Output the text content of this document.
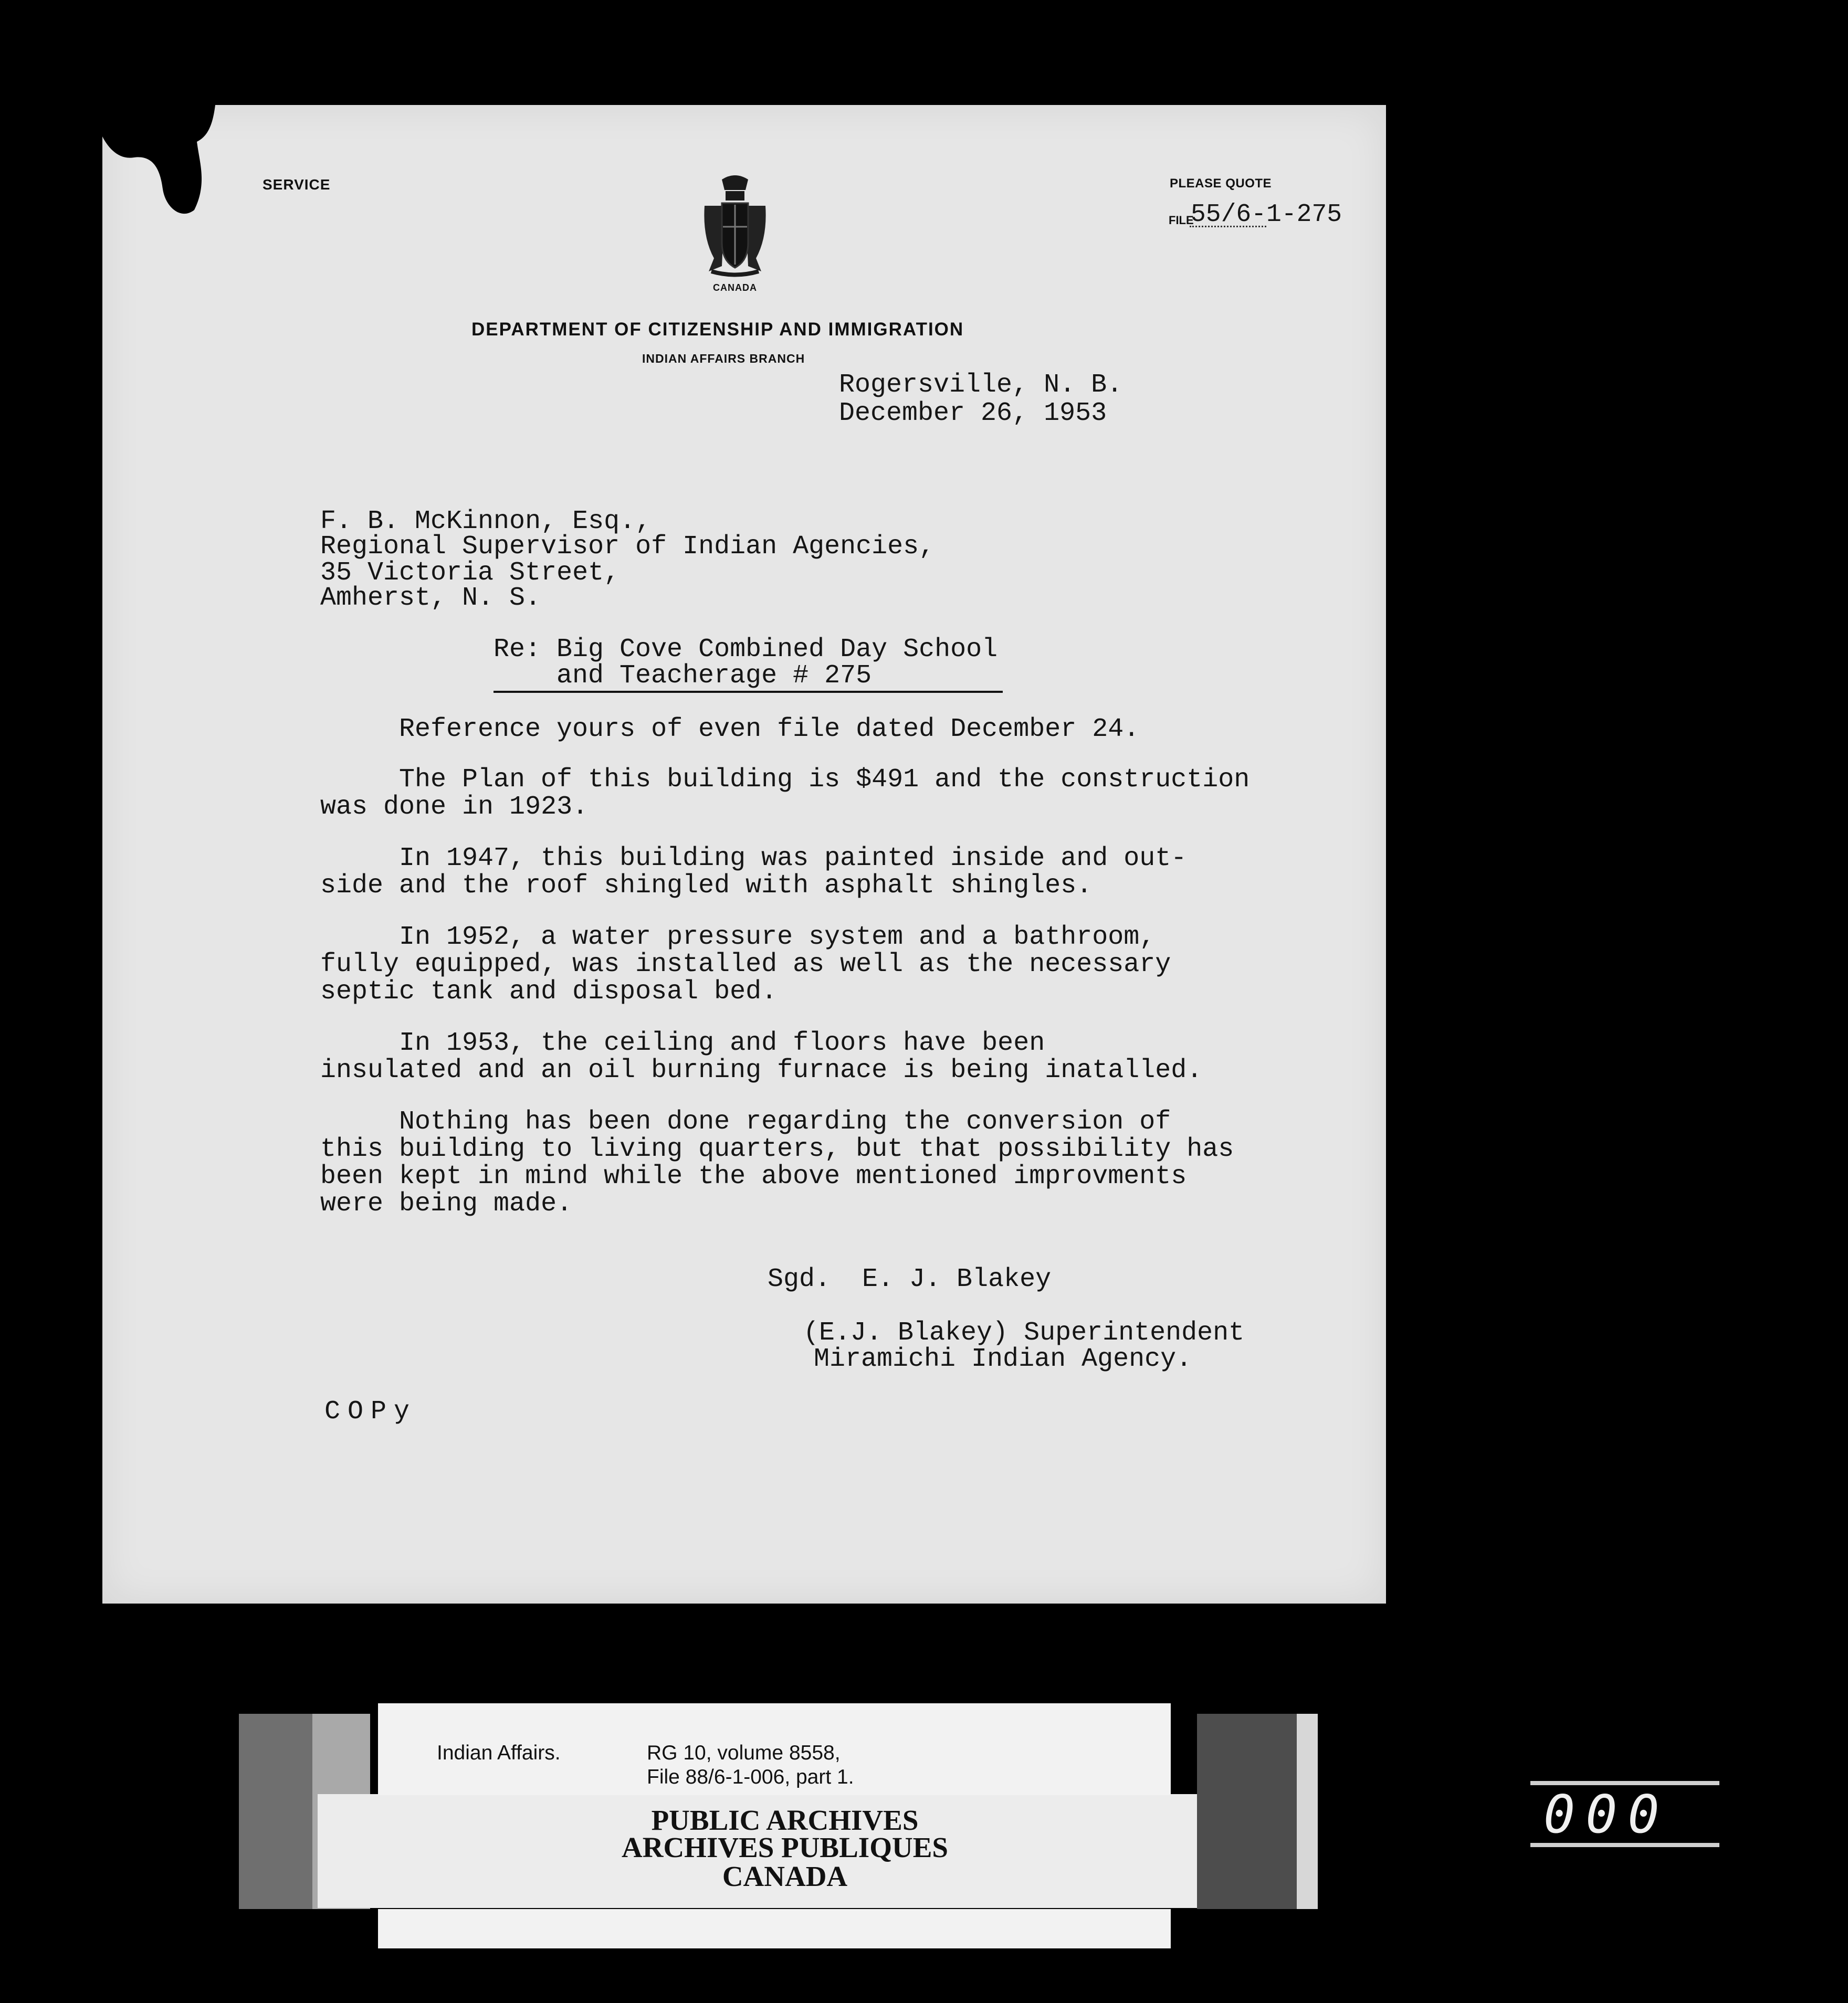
SERVICE	PLEASE QUOTE
FILE
55/6-1-275
CANADA
DEPARTMENT OF CITIZENSHIP AND IMMIGRATION
INDIAN AFFAIRS BRANCH
Rogersville, N. B.
December 26, 1953
F. B. McKinnon, Esq.,
Regional Supervisor of Indian Agencies,
35 Victoria Street,
Amherst, N. S.
Re: Big Cove Combined Day School
and Teacherage # 275
Reference yours of even file dated December 24.
The Plan of this building is $491 and the construction
was done in 1923.
In 1947, this building was painted inside and out-
side and the roof shingled with asphalt shingles.
In 1952, a water pressure system and a bathroom,
fully equipped, was installed as well as the necessary
septic tank and disposal bed.
In 1953, the ceiling and floors have been
insulated and an oil burning furnace is being inatalled.
Nothing has been done regarding the conversion of
this building to living quarters, but that possibility has
been kept in mind while the above mentioned improvments
were being made.
Sgd.  E. J. Blakey
(E.J. Blakey) Superintendent
Miramichi Indian Agency.
COPy
Indian Affairs.	RG 10, volume 8558,
File 88/6-1-006, part 1.
PUBLIC ARCHIVES
ARCHIVES PUBLIQUES
CANADA
000
